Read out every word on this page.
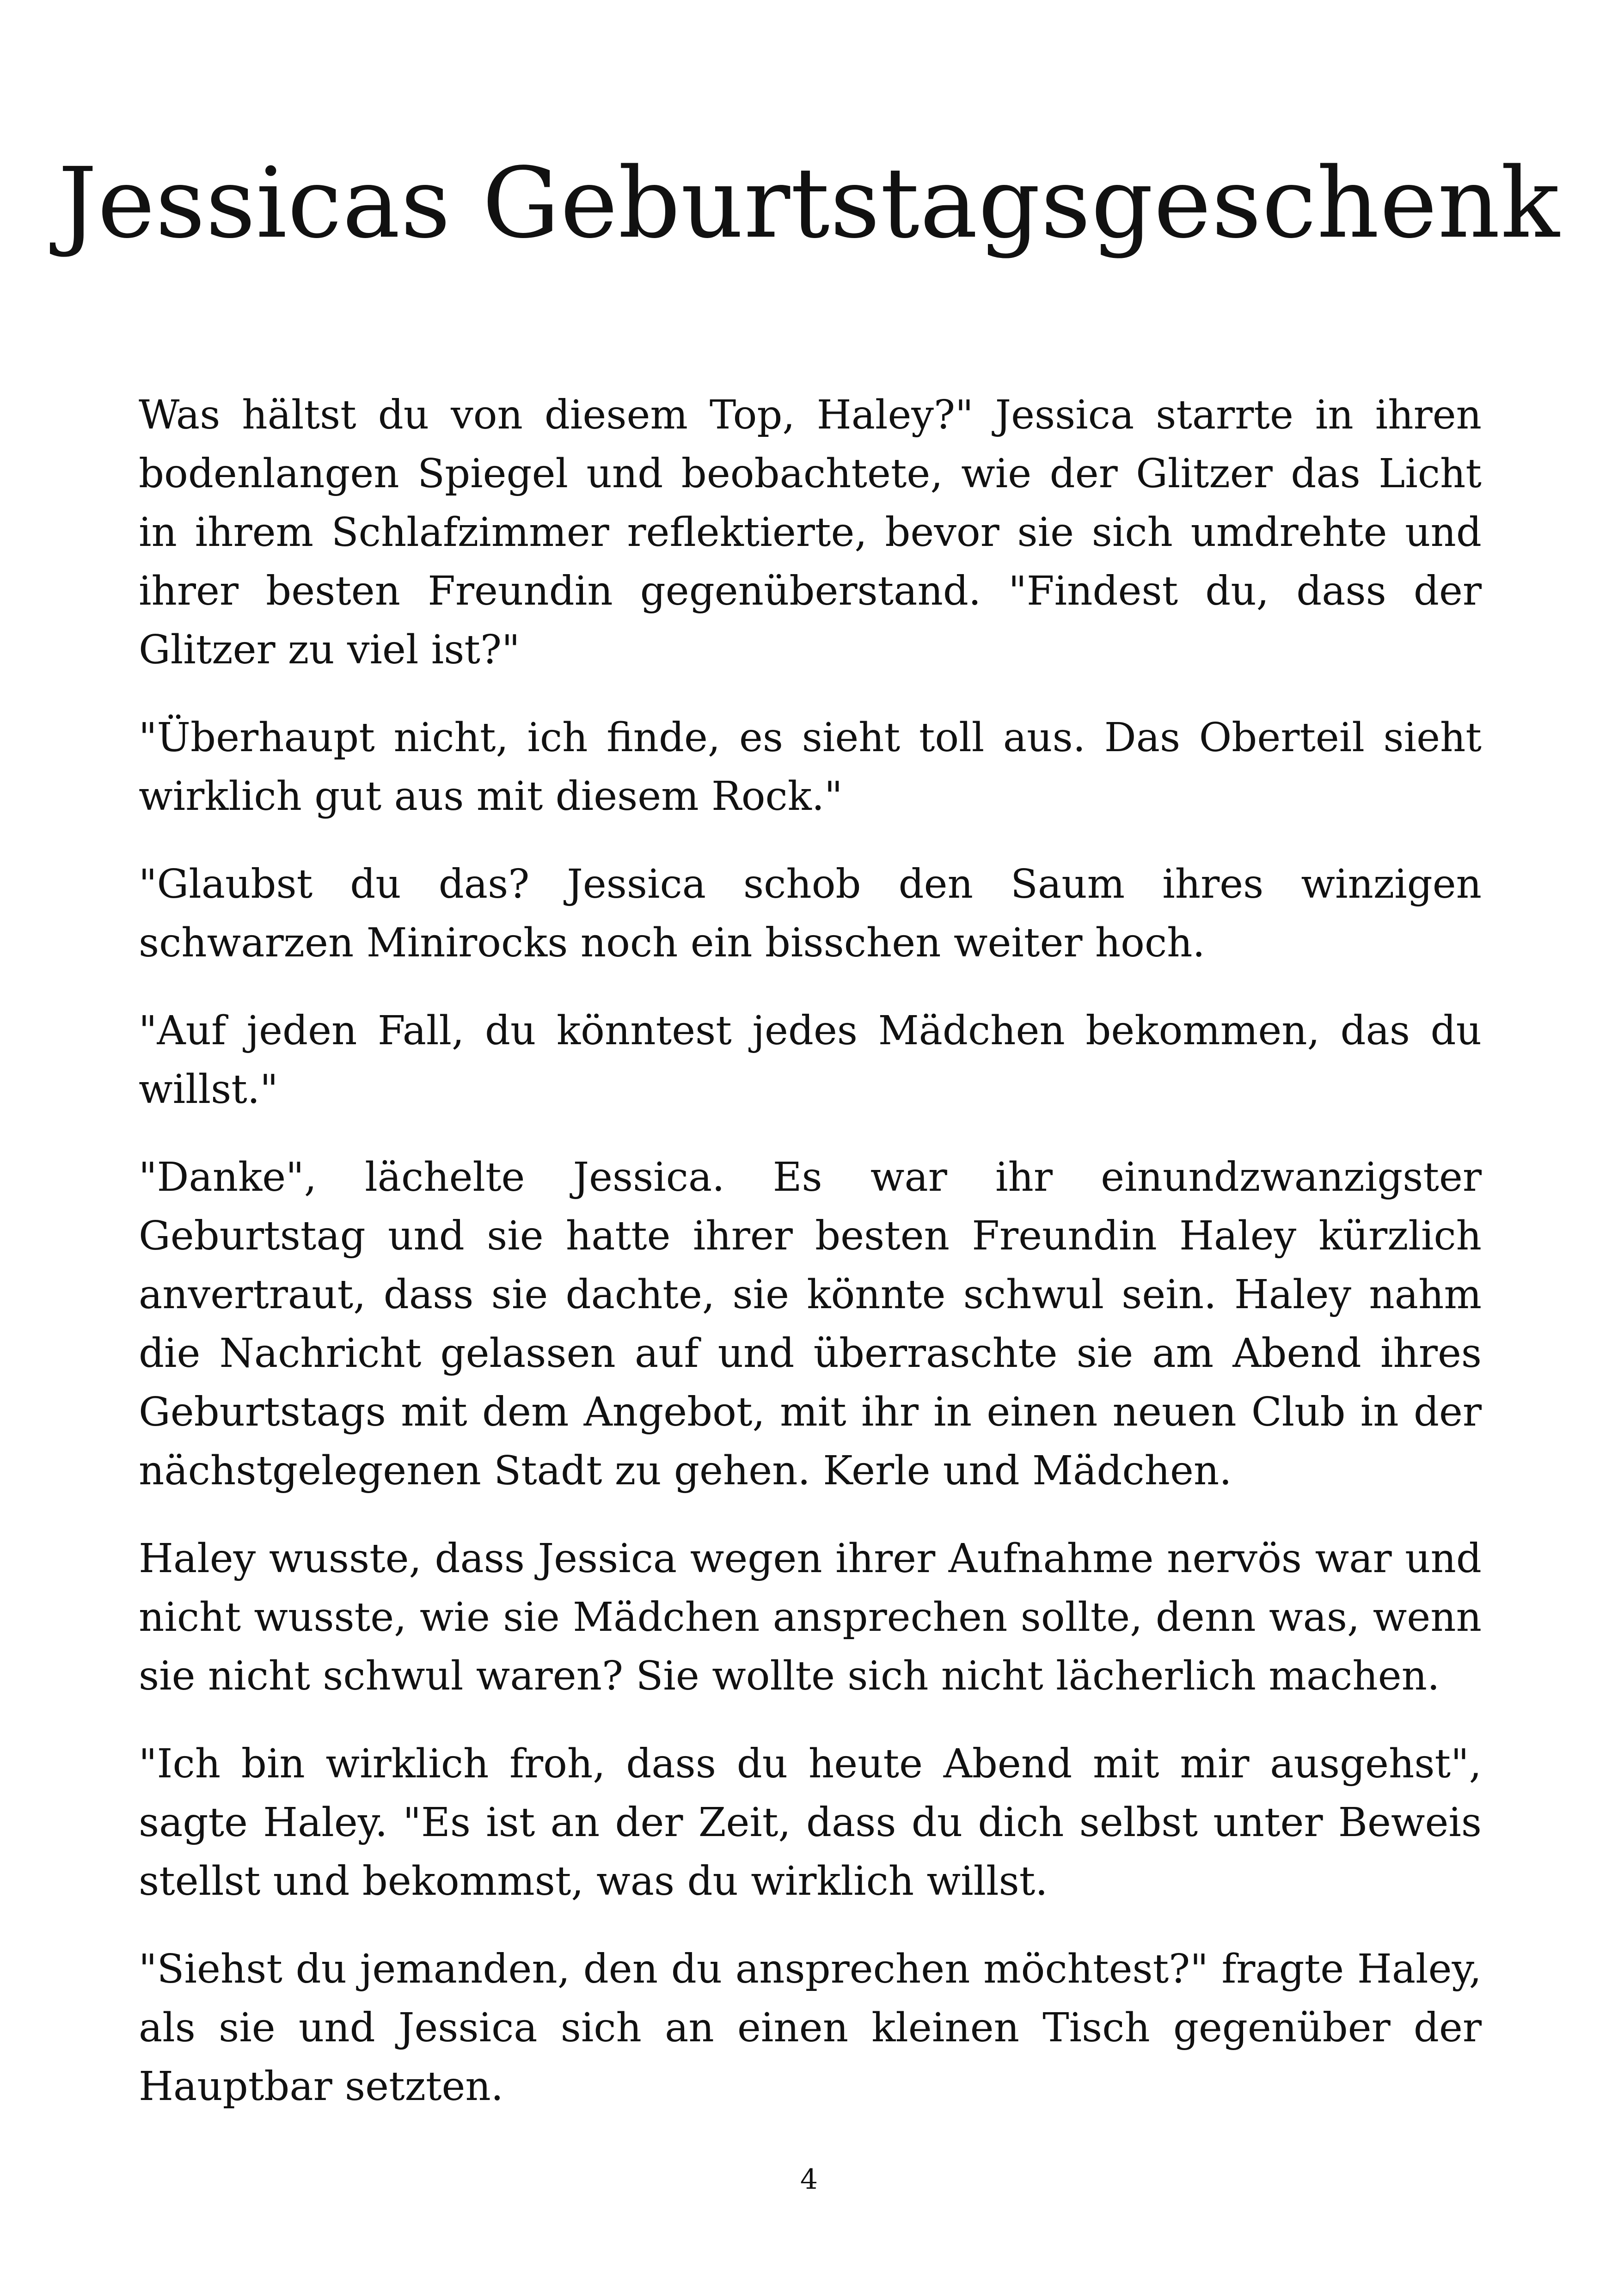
Jessicas Geburtstagsgeschenk

Was hältst du von diesem Top, Haley?" Jessica starrte in ihren bodenlangen Spiegel und beobachtete, wie der Glitzer das Licht in ihrem Schlafzimmer reflektierte, bevor sie sich umdrehte und ihrer besten Freundin gegenüberstand. "Findest du, dass der Glitzer zu viel ist?"

"Überhaupt nicht, ich finde, es sieht toll aus. Das Oberteil sieht wirklich gut aus mit diesem Rock."

"Glaubst du das? Jessica schob den Saum ihres winzigen schwarzen Minirocks noch ein bisschen weiter hoch.

"Auf jeden Fall, du könntest jedes Mädchen bekommen, das du willst."

"Danke", lächelte Jessica. Es war ihr einundzwanzigster Geburtstag und sie hatte ihrer besten Freundin Haley kürzlich anvertraut, dass sie dachte, sie könnte schwul sein. Haley nahm die Nachricht gelassen auf und überraschte sie am Abend ihres Geburtstags mit dem Angebot, mit ihr in einen neuen Club in der nächstgelegenen Stadt zu gehen. Kerle und Mädchen.

Haley wusste, dass Jessica wegen ihrer Aufnahme nervös war und nicht wusste, wie sie Mädchen ansprechen sollte, denn was, wenn sie nicht schwul waren? Sie wollte sich nicht lächerlich machen.

"Ich bin wirklich froh, dass du heute Abend mit mir ausgehst", sagte Haley. "Es ist an der Zeit, dass du dich selbst unter Beweis stellst und bekommst, was du wirklich willst.

"Siehst du jemanden, den du ansprechen möchtest?" fragte Haley, als sie und Jessica sich an einen kleinen Tisch gegenüber der Hauptbar setzten.

4
